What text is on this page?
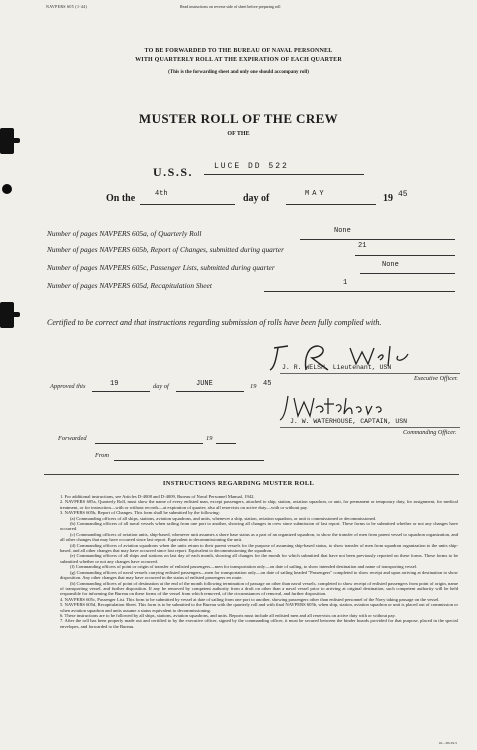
NAVPERS 605 (1-44)	Read instructions on reverse side of sheet before preparing roll
TO BE FORWARDED TO THE BUREAU OF NAVAL PERSONNEL
WITH QUARTERLY ROLL AT THE EXPIRATION OF EACH QUARTER
(This is the forwarding sheet and only one should accompany roll)
MUSTER ROLL OF THE CREW
OF THE
U.S.S.	LUCE DD 522
On the	4th	day of	MAY	19 45
Number of pages NAVPERS 605a, of Quarterly Roll	None
Number of pages NAVPERS 605b, Report of Changes, submitted during quarter	21
Number of pages NAVPERS 605c, Passenger Lists, submitted during quarter	None
Number of pages NAVPERS 605d, Recapitulation Sheet	1
Certified to be correct and that instructions regarding submission of rolls have been fully complied with.
J. R. WELSH, Lieutenant, USN
Executive Officer.
Approved this	19	day of	JUNE	19 45
J. W. WATERHOUSE, CAPTAIN, USN
Commanding Officer.
Forwarded	19
From
INSTRUCTIONS REGARDING MUSTER ROLL

1. For additional instructions, see Articles D-4008 and D-4009, Bureau of Naval Personnel Manual, 1942.

2. NAVPERS 605a, Quarterly Roll, must show the name of every enlisted man, except passengers, attached to ship, station, aviation squadron, or unit, for permanent or temporary duty, for assignment, for medical treatment, or for instruction—with or without records—at expiration of quarter; also all reservists on active duty—with or without pay.

3. NAVPERS 605b, Report of Changes. This form shall be submitted by the following:

(a) Commanding officers of all ships, stations, aviation squadrons, and units, whenever a ship, station, aviation squadron, or unit is commissioned or decommissioned.

(b) Commanding officers of all naval vessels when sailing from one port to another, showing all changes in crew since submission of last report. These forms to be submitted whether or not any changes have occurred.

(c) Commanding officers of aviation units, ship-based, whenever unit assumes a shore base status as a part of an organized squadron, to show the transfer of men from parent vessel to squadron organization, and all other changes that may have occurred since last report. Equivalent to decommissioning the unit.

(d) Commanding officers of aviation squadrons when the units return to their parent vessels for the purpose of assuming ship-based status, to show transfer of men from squadron organization to the units ship-based, and all other changes that may have occurred since last report. Equivalent to decommissioning the squadron.

(e) Commanding officers of all ships and stations on last day of each month, showing all changes for the month for which submitted that have not been previously reported on these forms. These forms to be submitted whether or not any changes have occurred.

(f) Commanding officers of point or origin of transfer of enlisted passengers—men for transportation only—on date of sailing, to show intended destination and name of transporting vessel.

(g) Commanding officers of naval vessels carrying enlisted passengers—men for transportation only—on date of sailing headed "Passengers" completed to show receipt and upon arriving at destination to show disposition. Any other changes that may have occurred in the status of enlisted passengers en route.

(h) Commanding officers of point of destination at the end of the month following termination of passage on other than naval vessels, completed to show receipt of enlisted passengers from point of origin, name of transporting vessel, and further disposition. If any be removed by competent authority from a draft on other than a naval vessel prior to arriving at original destination, such competent authority will be held responsible for informing the Bureau on these forms of the vessel from which removed, of the circumstances of removal, and further disposition.

4. NAVPERS 605c, Passenger List. This form to be submitted by vessel at date of sailing from one port to another, showing passengers other than enlisted personnel of the Navy taking passage on the vessel.

5. NAVPERS 605d, Recapitulation Sheet. This form is to be submitted to the Bureau with the quarterly roll and with final NAVPERS 605b, when ship, station, aviation squadron or unit is placed out of commission or when aviation squadron and units assume a status equivalent to decommissioning.

6. These instructions are to be followed by all ships, stations, aviation squadrons, and units. Reports must include all enlisted men and all reservists on active duty with or without pay.

7. After the roll has been properly made out and certified to by the executive officer, signed by the commanding officer, it must be secured between the binder boards provided for that purpose, placed in the special envelopes, and forwarded to the Bureau.

16—30119-5
